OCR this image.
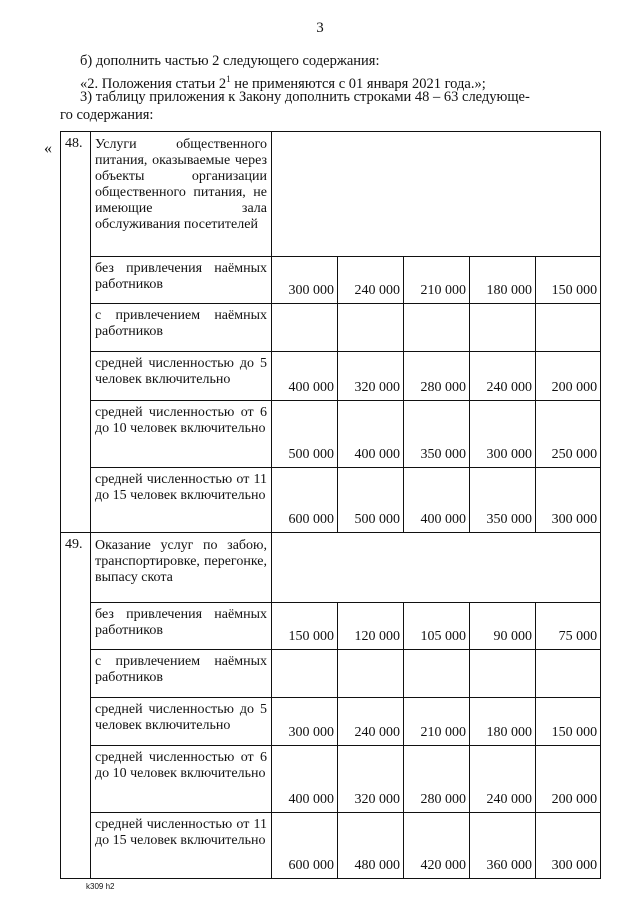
3
б) дополнить частью 2 следующего содержания:
«2. Положения статьи $2^1$ не применяются с 01 января 2021 года.»;
3) таблицу приложения к Закону дополнить строками 48 – 63 следующе-
го содержания:
« 48.	Услуги общественного питания, оказываемые через объекты организации общественного питания, не имеющие зала обслуживания посетителей					
	без привлечения наёмных работников	300 000	240 000	210 000	180 000	150 000
	с привлечением наёмных работников					
	средней численностью до 5 человек включительно	400 000	320 000	280 000	240 000	200 000
	средней численностью от 6 до 10 человек включительно	500 000	400 000	350 000	300 000	250 000
	средней численностью от 11 до 15 человек включительно	600 000	500 000	400 000	350 000	300 000
49.	Оказание услуг по забою, транспортировке, перегонке, выпасу скота					
	без привлечения наёмных работников	150 000	120 000	105 000	90 000	75 000
	с привлечением наёмных работников					
	средней численностью до 5 человек включительно	300 000	240 000	210 000	180 000	150 000
	средней численностью от 6 до 10 человек включительно	400 000	320 000	280 000	240 000	200 000
	средней численностью от 11 до 15 человек включительно	600 000	480 000	420 000	360 000	300 000
k309 h2
